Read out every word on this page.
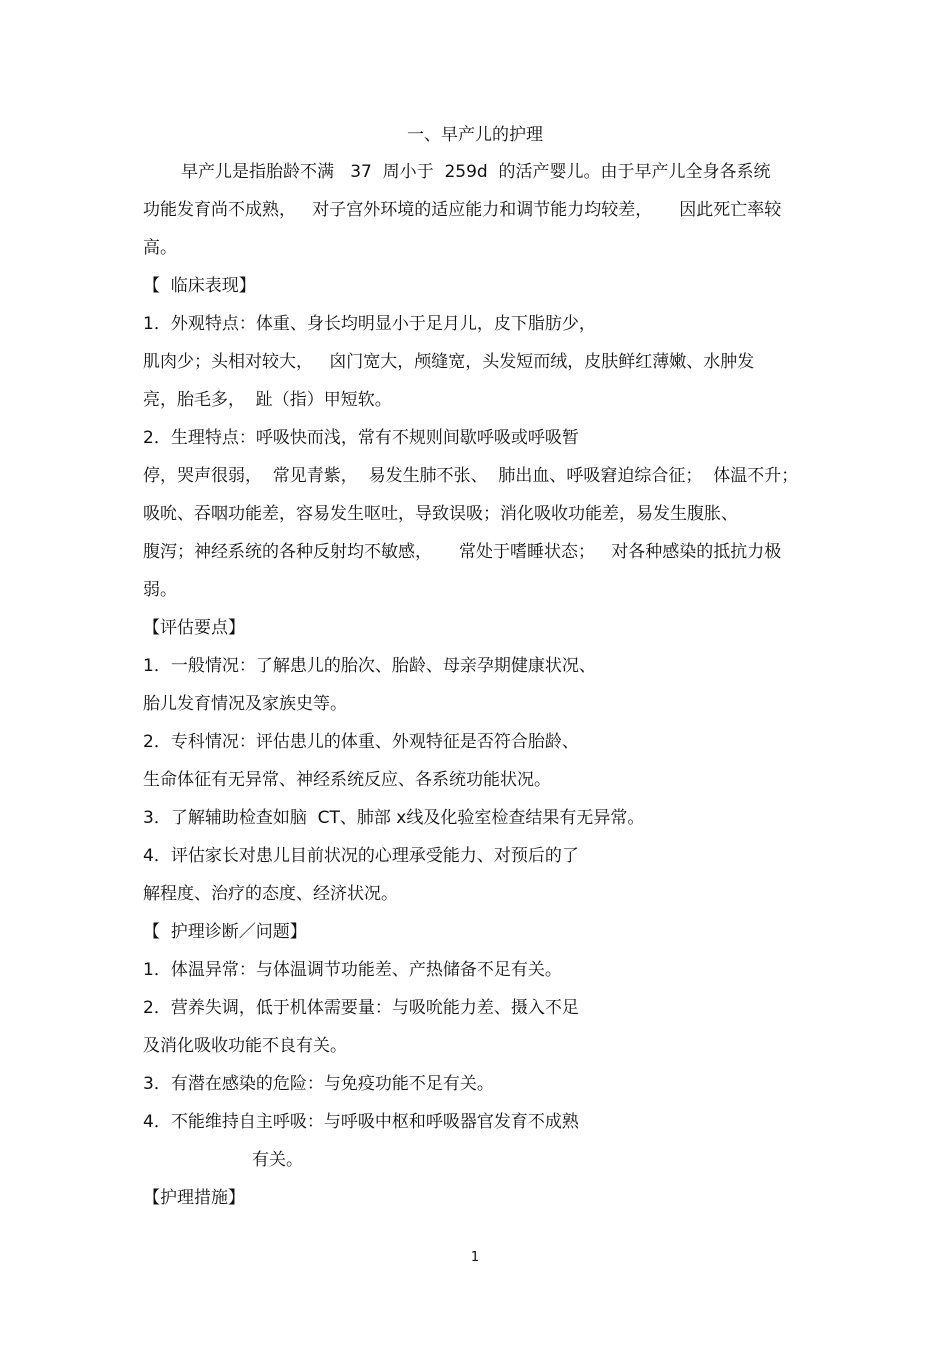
一、早产儿的护理
早产儿是指胎龄不满   37  周小于  259d  的活产婴儿。由于早产儿全身各系统
功能发育尚不成熟，   对子宫外环境的适应能力和调节能力均较差，     因此死亡率较
高。
【  临床表现】
1．外观特点：体重、身长均明显小于足月儿，皮下脂肪少，
肌肉少；头相对较大，   囟门宽大，颅缝宽，头发短而绒，皮肤鲜红薄嫩、水肿发
亮，胎毛多，  趾（指）甲短软。
2．生理特点：呼吸快而浅，常有不规则间歇呼吸或呼吸暂
停，哭声很弱，  常见青紫，  易发生肺不张、  肺出血、呼吸窘迫综合征；  体温不升；
吸吮、吞咽功能差，容易发生呕吐，导致误吸；消化吸收功能差，易发生腹胀、
腹泻；神经系统的各种反射均不敏感，     常处于嗜睡状态；   对各种感染的抵抗力极
弱。
【评估要点】
1．一般情况：了解患儿的胎次、胎龄、母亲孕期健康状况、
胎儿发育情况及家族史等。
2．专科情况：评估患儿的体重、外观特征是否符合胎龄、
生命体征有无异常、神经系统反应、各系统功能状况。
3．了解辅助检查如脑  CT、肺部 x线及化验室检查结果有无异常。
4．评估家长对患儿目前状况的心理承受能力、对预后的了
解程度、治疗的态度、经济状况。
【  护理诊断／问题】
1．体温异常：与体温调节功能差、产热储备不足有关。
2．营养失调，低于机体需要量：与吸吮能力差、摄入不足
及消化吸收功能不良有关。
3．有潜在感染的危险：与免疫功能不足有关。
4．不能维持自主呼吸：与呼吸中枢和呼吸器官发育不成熟
有关。
【护理措施】
1
